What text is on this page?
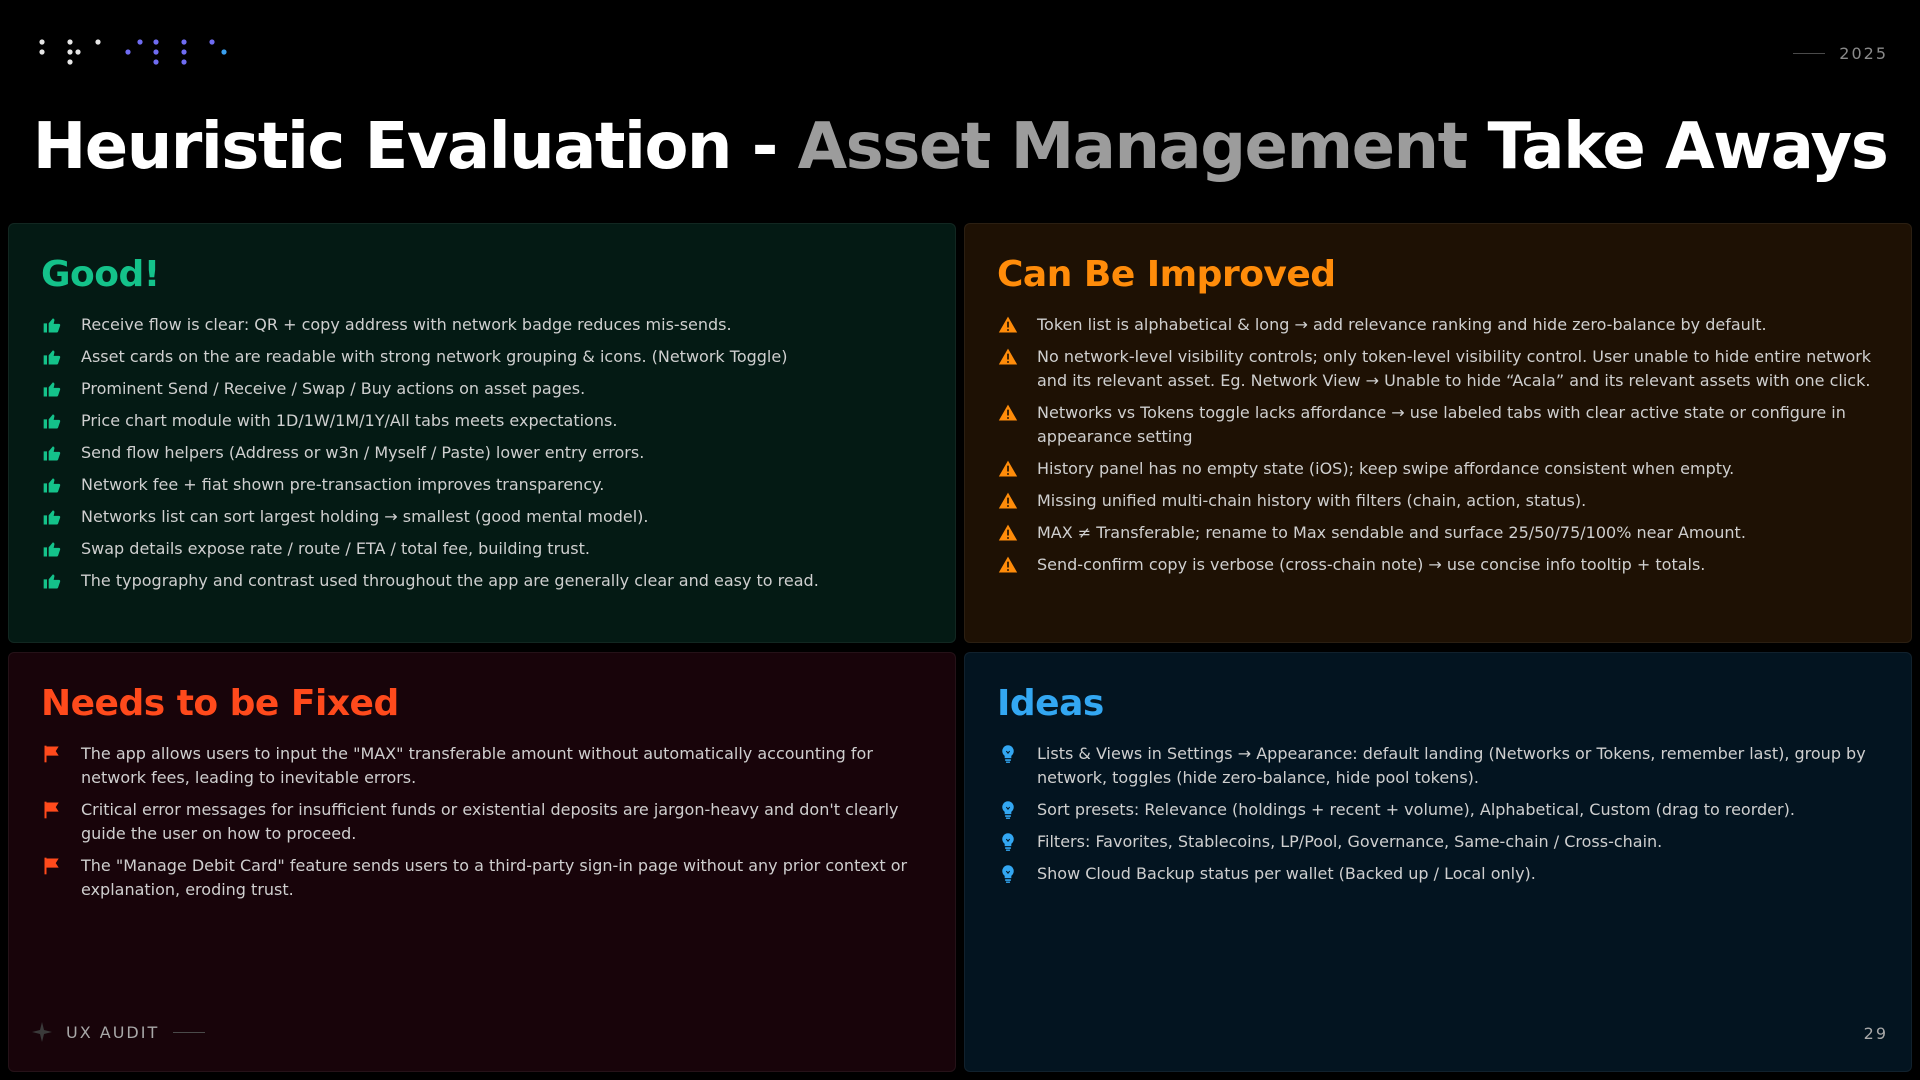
2025
Heuristic Evaluation - Asset Management Take Aways
Good!
Receive flow is clear: QR + copy address with network badge reduces mis-sends.
Asset cards on the are readable with strong network grouping & icons. (Network Toggle)
Prominent Send / Receive / Swap / Buy actions on asset pages.
Price chart module with 1D/1W/1M/1Y/All tabs meets expectations.
Send flow helpers (Address or w3n / Myself / Paste) lower entry errors.
Network fee + fiat shown pre-transaction improves transparency.
Networks list can sort largest holding → smallest (good mental model).
Swap details expose rate / route / ETA / total fee, building trust.
The typography and contrast used throughout the app are generally clear and easy to read.
Can Be Improved
Token list is alphabetical & long → add relevance ranking and hide zero-balance by default.
No network-level visibility controls; only token-level visibility control. User unable to hide entire network and its relevant asset. Eg. Network View → Unable to hide “Acala” and its relevant assets with one click.
Networks vs Tokens toggle lacks affordance → use labeled tabs with clear active state or configure in appearance setting
History panel has no empty state (iOS); keep swipe affordance consistent when empty.
Missing unified multi-chain history with filters (chain, action, status).
MAX ≠ Transferable; rename to Max sendable and surface 25/50/75/100% near Amount.
Send-confirm copy is verbose (cross-chain note) → use concise info tooltip + totals.
Needs to be Fixed
The app allows users to input the "MAX" transferable amount without automatically accounting for network fees, leading to inevitable errors.
Critical error messages for insufficient funds or existential deposits are jargon-heavy and don't clearly guide the user on how to proceed.
The "Manage Debit Card" feature sends users to a third-party sign-in page without any prior context or explanation, eroding trust.
Ideas
Lists & Views in Settings → Appearance: default landing (Networks or Tokens, remember last), group by network, toggles (hide zero-balance, hide pool tokens).
Sort presets: Relevance (holdings + recent + volume), Alphabetical, Custom (drag to reorder).
Filters: Favorites, Stablecoins, LP/Pool, Governance, Same-chain / Cross-chain.
Show Cloud Backup status per wallet (Backed up / Local only).
UX AUDIT	29
